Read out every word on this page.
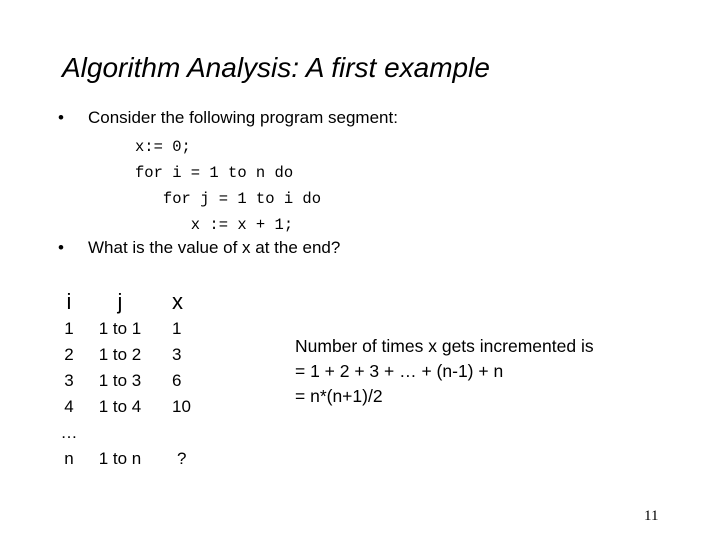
Algorithm Analysis: A first example
• Consider the following program segment:
x:= 0;
for i = 1 to n do
for j = 1 to i do
x := x + 1;
• What is the value of x at the end?
i
1
2
3
4
…
n
j
1 to 1
1 to 2
1 to 3
1 to 4
1 to n
x
1
3
6
10
?
Number of times x gets incremented is
= 1 + 2 + 3 + … + (n-1) + n
= n*(n+1)/2
11
